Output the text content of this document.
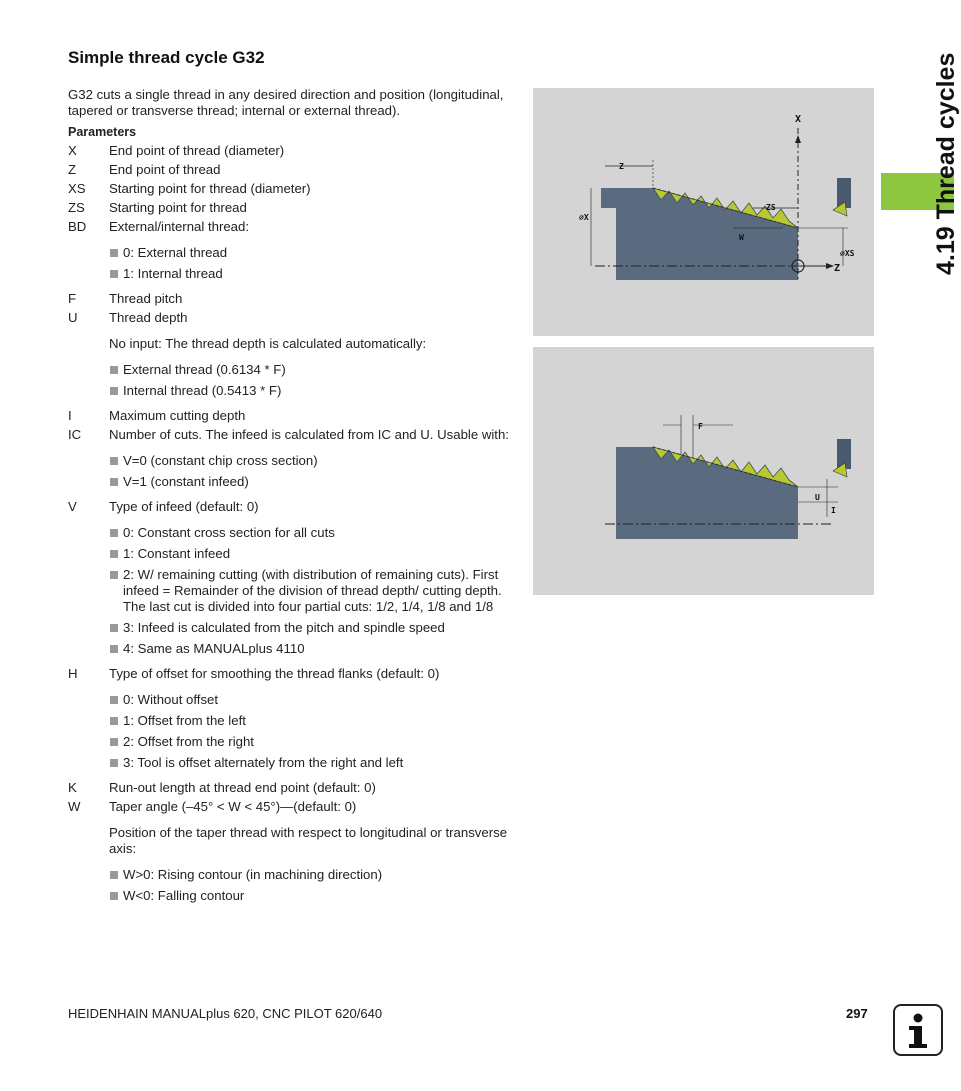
Simple thread cycle G32
G32 cuts a single thread in any desired direction and position (longitudinal, tapered or transverse thread; internal or external thread).
Parameters
X End point of thread (diameter)
Z End point of thread
XS Starting point for thread (diameter)
ZS Starting point for thread
BD External/internal thread:
0: External thread
1: Internal thread
F Thread pitch
U Thread depth
No input: The thread depth is calculated automatically:
External thread (0.6134 * F)
Internal thread (0.5413 * F)
I	Maximum cutting depth
IC Number of cuts. The infeed is calculated from IC and U. Usable with:
V=0 (constant chip cross section)
V=1 (constant infeed)
V Type of infeed (default: 0)
0: Constant cross section for all cuts
1: Constant infeed
2: W/ remaining cutting (with distribution of remaining cuts). First infeed = Remainder of the division of thread depth/ cutting depth. The last cut is divided into four partial cuts: 1/2, 1/4, 1/8 and 1/8
3: Infeed is calculated from the pitch and spindle speed
4: Same as MANUALplus 4110
H Type of offset for smoothing the thread flanks (default: 0)
0: Without offset
1: Offset from the left
2: Offset from the right
3: Tool is offset alternately from the right and left
K Run-out length at thread end point (default: 0)
W Taper angle (–45° < W < 45°)—(default: 0)
Position of the taper thread with respect to longitudinal or transverse axis:
W>0: Rising contour (in machining direction)
W<0: Falling contour
X
Z
Z
ZS
⌀X
W
⌀XS
F
U
I
4.19 Thread cycles
HEIDENHAIN MANUALplus 620, CNC PILOT 620/640	297
